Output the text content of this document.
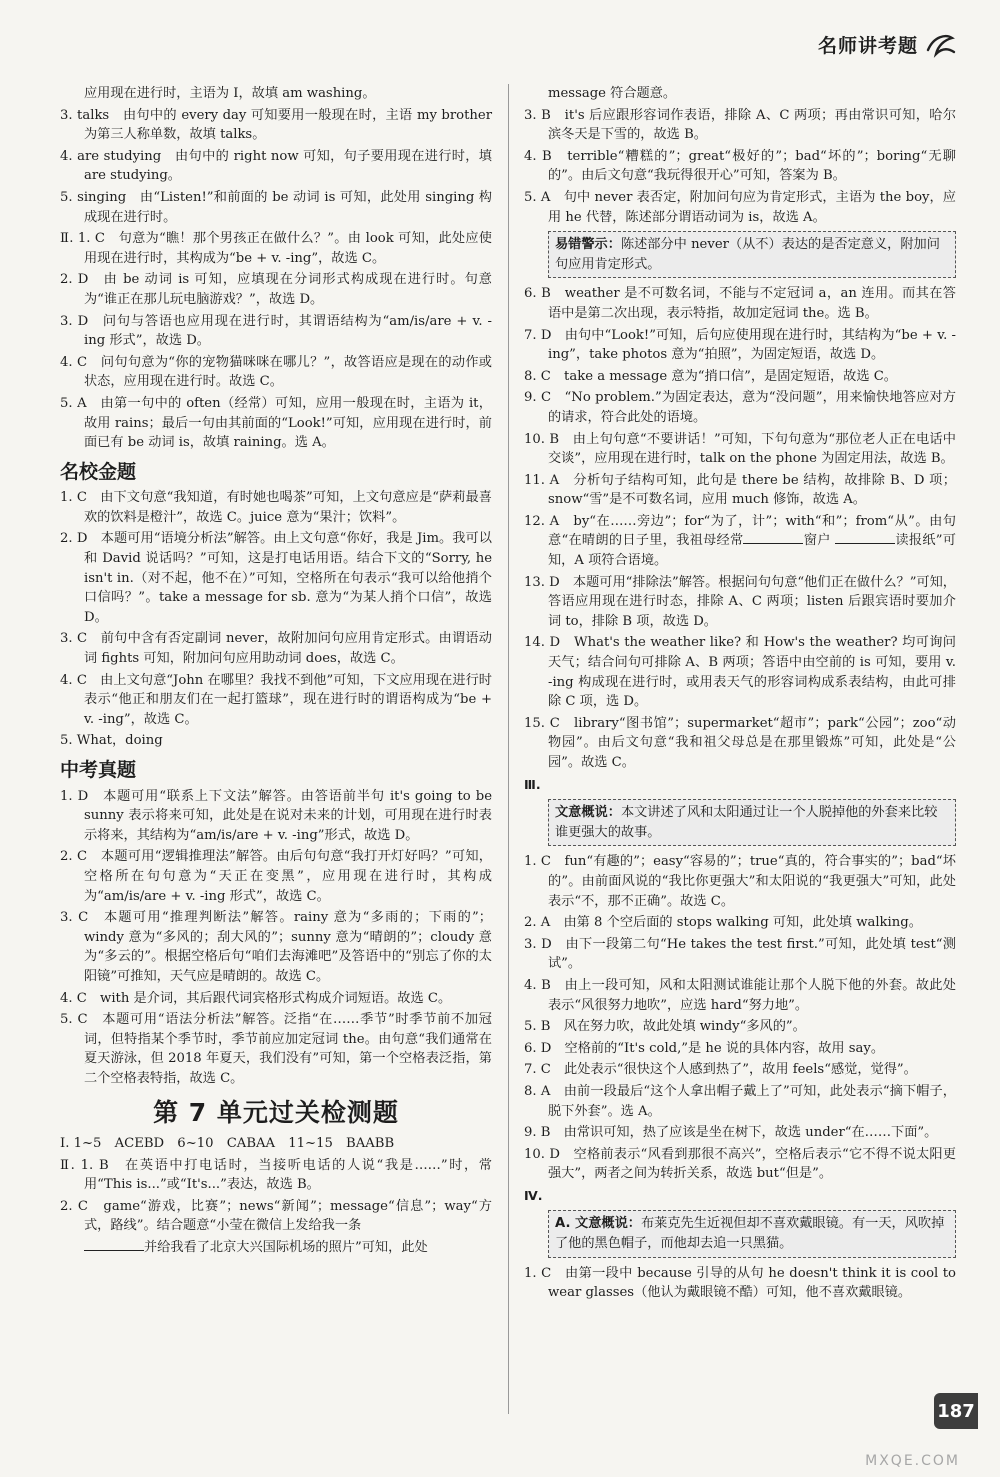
名师讲考题

应用现在进行时，主语为 I，故填 am washing。

3. talks　由句中的 every day 可知要用一般现在时，主语 my brother 为第三人称单数，故填 talks。

4. are studying　由句中的 right now 可知，句子要用现在进行时，填 are studying。

5. singing　由“Listen!”和前面的 be 动词 is 可知，此处用 singing 构成现在进行时。

Ⅱ. 1. C　句意为“瞧！那个男孩正在做什么？”。由 look 可知，此处应使用现在进行时，其构成为“be + v. -ing”，故选 C。

2. D　由 be 动词 is 可知，应填现在分词形式构成现在进行时。句意为“谁正在那儿玩电脑游戏？”，故选 D。

3. D　问句与答语也应用现在进行时，其谓语结构为“am/is/are + v. -ing 形式”，故选 D。

4. C　问句句意为“你的宠物猫咪咪在哪儿？”，故答语应是现在的动作或状态，应用现在进行时。故选 C。

5. A　由第一句中的 often（经常）可知，应用一般现在时，主语为 it，故用 rains；最后一句由其前面的“Look!”可知，应用现在进行时，前面已有 be 动词 is，故填 raining。选 A。

名校金题

1. C　由下文句意“我知道，有时她也喝茶”可知，上文句意应是“萨莉最喜欢的饮料是橙汁”，故选 C。juice 意为“果汁；饮料”。

2. D　本题可用“语境分析法”解答。由上文句意“你好，我是 Jim。我可以和 David 说话吗？”可知，这是打电话用语。结合下文的“Sorry, he isn't in.（对不起，他不在）”可知，空格所在句表示“我可以给他捎个口信吗？”。take a message for sb. 意为“为某人捎个口信”，故选 D。

3. C　前句中含有否定副词 never，故附加问句应用肯定形式。由谓语动词 fights 可知，附加问句应用助动词 does，故选 C。

4. C　由上文句意“John 在哪里？我找不到他”可知，下文应用现在进行时表示“他正和朋友们在一起打篮球”，现在进行时的谓语构成为“be + v. -ing”，故选 C。

5. What，doing

中考真题

1. D　本题可用“联系上下文法”解答。由答语前半句 it's going to be sunny 表示将来可知，此处是在说对未来的计划，可用现在进行时表示将来，其结构为“am/is/are + v. -ing”形式，故选 D。

2. C　本题可用“逻辑推理法”解答。由后句句意“我打开灯好吗？”可知，空格所在句句意为“天正在变黑”，应用现在进行时，其构成为“am/is/are + v. -ing 形式”，故选 C。

3. C　本题可用“推理判断法”解答。rainy 意为“多雨的；下雨的”；windy 意为“多风的；刮大风的”；sunny 意为“晴朗的”；cloudy 意为“多云的”。根据空格后句“咱们去海滩吧”及答语中的“别忘了你的太阳镜”可推知，天气应是晴朗的。故选 C。

4. C　with 是介词，其后跟代词宾格形式构成介词短语。故选 C。

5. C　本题可用“语法分析法”解答。泛指“在……季节”时季节前不加冠词，但特指某个季节时，季节前应加定冠词 the。由句意“我们通常在夏天游泳，但 2018 年夏天，我们没有”可知，第一个空格表泛指，第二个空格表特指，故选 C。

第 7 单元过关检测题

Ⅰ. 1~5　ACEBD　6~10　CABAA　11~15　BAABB

Ⅱ. 1. B　在英语中打电话时，当接听电话的人说“我是……”时，常用“This is...”或“It's...”表达，故选 B。

2. C　game“游戏，比赛”；news“新闻”；message“信息”；way“方式，路线”。结合题意“小莹在微信上发给我一条

并给我看了北京大兴国际机场的照片”可知，此处

message 符合题意。

3. B　it's 后应跟形容词作表语，排除 A、C 两项；再由常识可知，哈尔滨冬天是下雪的，故选 B。

4. B　terrible“糟糕的”；great“极好的”；bad“坏的”；boring“无聊的”。由后文句意“我玩得很开心”可知，答案为 B。

5. A　句中 never 表否定，附加问句应为肯定形式，主语为 the boy，应用 he 代替，陈述部分谓语动词为 is，故选 A。

易错警示：陈述部分中 never（从不）表达的是否定意义，附加问句应用肯定形式。

6. B　weather 是不可数名词，不能与不定冠词 a，an 连用。而其在答语中是第二次出现，表示特指，故加定冠词 the。选 B。

7. D　由句中“Look!”可知，后句应使用现在进行时，其结构为“be + v. -ing”，take photos 意为“拍照”，为固定短语，故选 D。

8. C　take a message 意为“捎口信”，是固定短语，故选 C。

9. C　“No problem.”为固定表达，意为“没问题”，用来愉快地答应对方的请求，符合此处的语境。

10. B　由上句句意“不要讲话！”可知，下句句意为“那位老人正在电话中交谈”，应用现在进行时，talk on the phone 为固定用法，故选 B。

11. A　分析句子结构可知，此句是 there be 结构，故排除 B、D 项；snow“雪”是不可数名词，应用 much 修饰，故选 A。

12. A　by“在……旁边”；for“为了，计”；with“和”；from“从”。由句意“在晴朗的日子里，我祖母经常	窗户	读报纸”可知，A 项符合语境。

13. D　本题可用“排除法”解答。根据问句句意“他们正在做什么？”可知，答语应用现在进行时态，排除 A、C 两项；listen 后跟宾语时要加介词 to，排除 B 项，故选 D。

14. D　What's the weather like? 和 How's the weather? 均可询问天气；结合问句可排除 A、B 两项；答语中由空前的 is 可知，要用 v. -ing 构成现在进行时，或用表天气的形容词构成系表结构，由此可排除 C 项，选 D。

15. C　library“图书馆”；supermarket“超市”；park“公园”；zoo“动物园”。由后文句意“我和祖父母总是在那里锻炼”可知，此处是“公园”。故选 C。

Ⅲ.
文意概说：本文讲述了风和太阳通过让一个人脱掉他的外套来比较谁更强大的故事。

1. C　fun“有趣的”；easy“容易的”；true“真的，符合事实的”；bad“坏的”。由前面风说的“我比你更强大”和太阳说的“我更强大”可知，此处表示“不，那不正确”。故选 C。

2. A　由第 8 个空后面的 stops walking 可知，此处填 walking。

3. D　由下一段第二句“He takes the test first.”可知，此处填 test“测试”。

4. B　由上一段可知，风和太阳测试谁能让那个人脱下他的外套。故此处表示“风很努力地吹”，应选 hard“努力地”。

5. B　风在努力吹，故此处填 windy“多风的”。

6. D　空格前的“It's cold,”是 he 说的具体内容，故用 say。

7. C　此处表示“很快这个人感到热了”，故用 feels“感觉，觉得”。

8. A　由前一段最后“这个人拿出帽子戴上了”可知，此处表示“摘下帽子，脱下外套”。选 A。

9. B　由常识可知，热了应该是坐在树下，故选 under“在……下面”。

10. D　空格前表示“风看到那很不高兴”，空格后表示“它不得不说太阳更强大”，两者之间为转折关系，故选 but“但是”。

Ⅳ.
A. 文意概说：布莱克先生近视但却不喜欢戴眼镜。有一天，风吹掉了他的黑色帽子，而他却去追一只黑猫。

1. C　由第一段中 because 引导的从句 he doesn't think it is cool to wear glasses（他认为戴眼镜不酷）可知，他不喜欢戴眼镜。

187
MXQE.COM
